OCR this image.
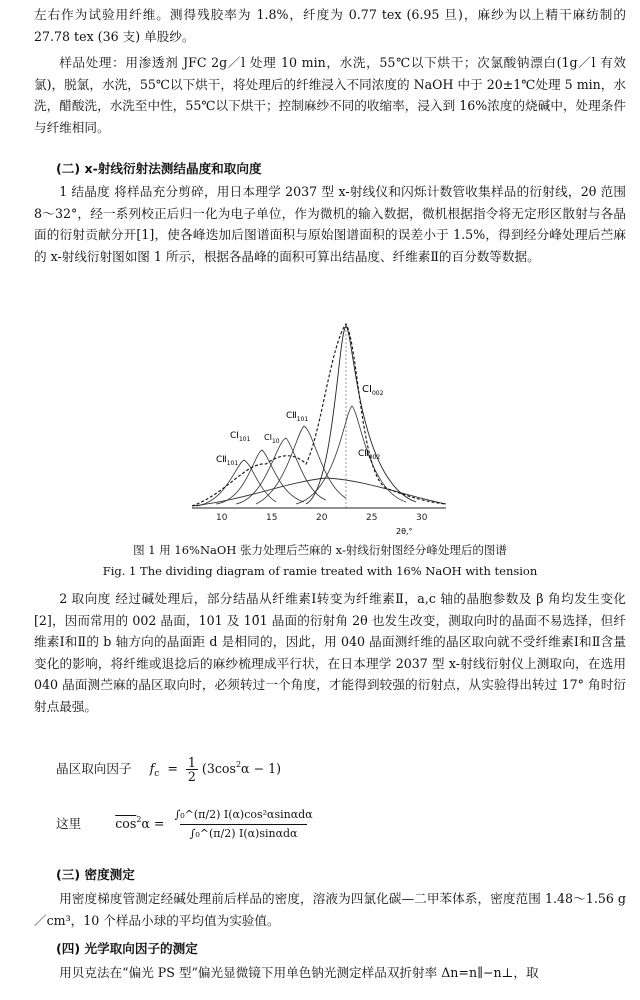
左右作为试验用纤维。测得残胶率为 1.8%，纤度为 0.77 tex (6.95 旦)，麻纱为以上精干麻纺制的 27.78 tex (36 支) 单股纱。
样品处理：用渗透剂 JFC 2g／l 处理 10 min，水洗，55℃以下烘干；次氯酸钠漂白(1g／l 有效氯)，脱氯，水洗，55℃以下烘干，将处理后的纤维浸入不同浓度的 NaOH 中于 20±1℃处理 5 min，水洗，醋酸洗，水洗至中性，55℃以下烘干；控制麻纱不同的收缩率，浸入到 16%浓度的烧碱中，处理条件与纤维相同。
(二) x-射线衍射法测结晶度和取向度
1 结晶度 将样品充分剪碎，用日本理学 2037 型 x-射线仪和闪烁计数管收集样品的衍射线，2θ 范围 8～32°，经一系列校正后归一化为电子单位，作为微机的输入数据，微机根据指令将无定形区散射与各晶面的衍射贡献分开[1]，使各峰迭加后图谱面积与原始图谱面积的误差小于 1.5%，得到经分峰处理后苎麻的 x-射线衍射图如图 1 所示，根据各晶峰的面积可算出结晶度、纤维素Ⅱ的百分数等数据。
$CⅠ_{002}$
$CⅡ_{101}$
$CⅠ_{101}$ $CⅠ_{10}$
$CⅡ_{101}$
$CⅡ_{002}$
10	15	20	25	30
2θ,°
图 1 用 16%NaOH 张力处理后苎麻的 x-射线衍射图经分峰处理后的图谱
Fig. 1 The dividing diagram of ramie treated with 16% NaOH with tension
2 取向度 经过碱处理后，部分结晶从纤维素Ⅰ转变为纤维素Ⅱ，a,c 轴的晶胞参数及 β 角均发生变化[2]，因而常用的 002 晶面，101 及 10̄1 晶面的衍射角 2θ 也发生改变，测取向时的晶面不易选择，但纤维素Ⅰ和Ⅱ的 b 轴方向的晶面距 d 是相同的，因此，用 040 晶面测纤维的晶区取向就不受纤维素Ⅰ和Ⅱ含量变化的影响，将纤维或退捻后的麻纱梳理成平行状，在日本理学 2037 型 x-射线衍射仪上测取向，在选用 040 晶面测苎麻的晶区取向时，必须转过一个角度，才能得到较强的衍射点，从实验得出转过 17° 角时衍射点最强。
晶区取向因子 $f_c = \frac{1}{2} (3\cos^2\alpha - 1)$
这里	$\overline{cos}^2\alpha$ = ∫₀^(π/2) I(α)cos²αsinαdα
∫₀^(π/2) I(α)sinαdα
(三) 密度测定
用密度梯度管测定经碱处理前后样品的密度，溶液为四氯化碳—二甲苯体系，密度范围 1.48～1.56 g／cm³，10 个样品小球的平均值为实验值。
(四) 光学取向因子的测定
用贝克法在“偏光 PS 型”偏光显微镜下用单色钠光测定样品双折射率 Δn=n∥−n⊥，取
